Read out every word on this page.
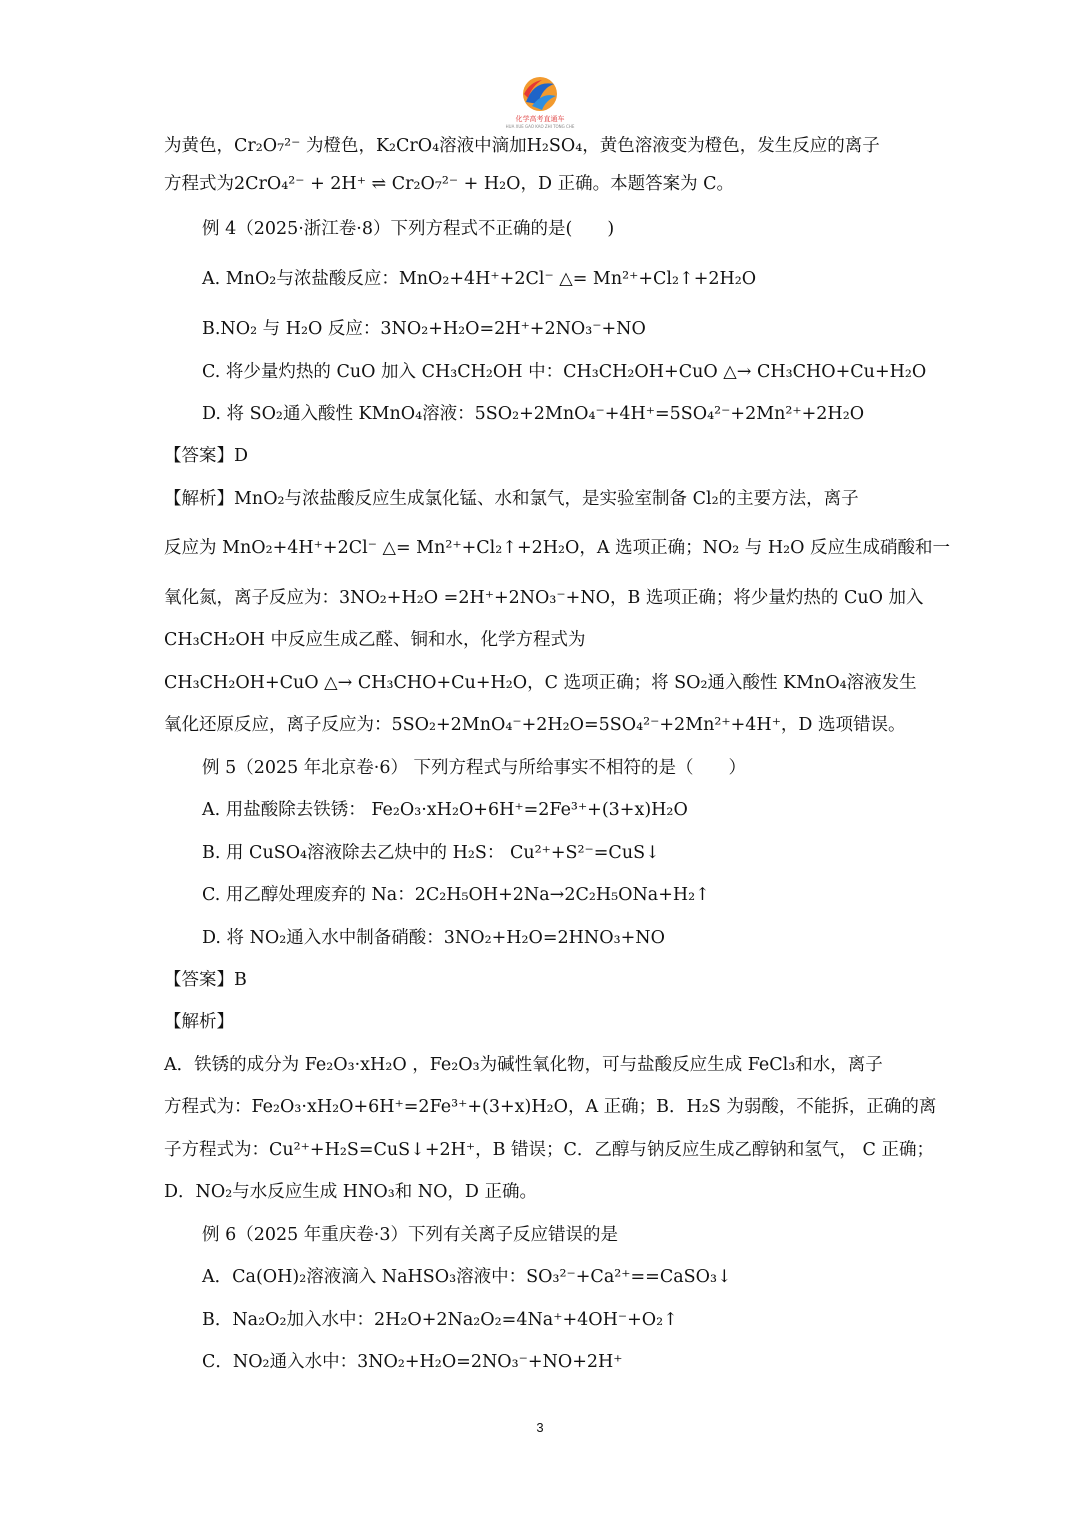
化学高考直通车
HUA XUE GAO KAO ZHI TONG CHE
为黄色，Cr₂O₇²⁻ 为橙色，K₂CrO₄溶液中滴加H₂SO₄，黄色溶液变为橙色，发生反应的离子
方程式为2CrO₄²⁻ + 2H⁺ ⇌ Cr₂O₇²⁻ + H₂O，D 正确。本题答案为 C。
例 4（2025·浙江卷·8）下列方程式不正确的是(　　)
A. MnO₂与浓盐酸反应：MnO₂+4H⁺+2Cl⁻ △= Mn²⁺+Cl₂↑+2H₂O
B.NO₂ 与 H₂O 反应：3NO₂+H₂O=2H⁺+2NO₃⁻+NO
C. 将少量灼热的 CuO 加入 CH₃CH₂OH 中：CH₃CH₂OH+CuO △→ CH₃CHO+Cu+H₂O
D. 将 SO₂通入酸性 KMnO₄溶液：5SO₂+2MnO₄⁻+4H⁺=5SO₄²⁻+2Mn²⁺+2H₂O
【答案】D
【解析】MnO₂与浓盐酸反应生成氯化锰、水和氯气，是实验室制备 Cl₂的主要方法，离子
反应为 MnO₂+4H⁺+2Cl⁻ △= Mn²⁺+Cl₂↑+2H₂O，A 选项正确；NO₂ 与 H₂O 反应生成硝酸和一
氧化氮，离子反应为：3NO₂+H₂O =2H⁺+2NO₃⁻+NO，B 选项正确；将少量灼热的 CuO 加入
CH₃CH₂OH 中反应生成乙醛、铜和水，化学方程式为
CH₃CH₂OH+CuO △→ CH₃CHO+Cu+H₂O，C 选项正确；将 SO₂通入酸性 KMnO₄溶液发生
氧化还原反应，离子反应为：5SO₂+2MnO₄⁻+2H₂O=5SO₄²⁻+2Mn²⁺+4H⁺，D 选项错误。
例 5（2025 年北京卷·6） 下列方程式与所给事实不相符的是（　　）
A. 用盐酸除去铁锈： Fe₂O₃·xH₂O+6H⁺=2Fe³⁺+(3+x)H₂O
B. 用 CuSO₄溶液除去乙炔中的 H₂S： Cu²⁺+S²⁻=CuS↓
C. 用乙醇处理废弃的 Na：2C₂H₅OH+2Na→2C₂H₅ONa+H₂↑
D. 将 NO₂通入水中制备硝酸：3NO₂+H₂O=2HNO₃+NO
【答案】B
【解析】
A．铁锈的成分为 Fe₂O₃·xH₂O ，Fe₂O₃为碱性氧化物，可与盐酸反应生成 FeCl₃和水，离子
方程式为：Fe₂O₃·xH₂O+6H⁺=2Fe³⁺+(3+x)H₂O，A 正确；B．H₂S 为弱酸，不能拆，正确的离
子方程式为：Cu²⁺+H₂S=CuS↓+2H⁺，B 错误；C．乙醇与钠反应生成乙醇钠和氢气， C 正确；
D．NO₂与水反应生成 HNO₃和 NO，D 正确。
例 6（2025 年重庆卷·3）下列有关离子反应错误的是
A．Ca(OH)₂溶液滴入 NaHSO₃溶液中：SO₃²⁻+Ca²⁺==CaSO₃↓
B．Na₂O₂加入水中：2H₂O+2Na₂O₂=4Na⁺+4OH⁻+O₂↑
C．NO₂通入水中：3NO₂+H₂O=2NO₃⁻+NO+2H⁺
3
